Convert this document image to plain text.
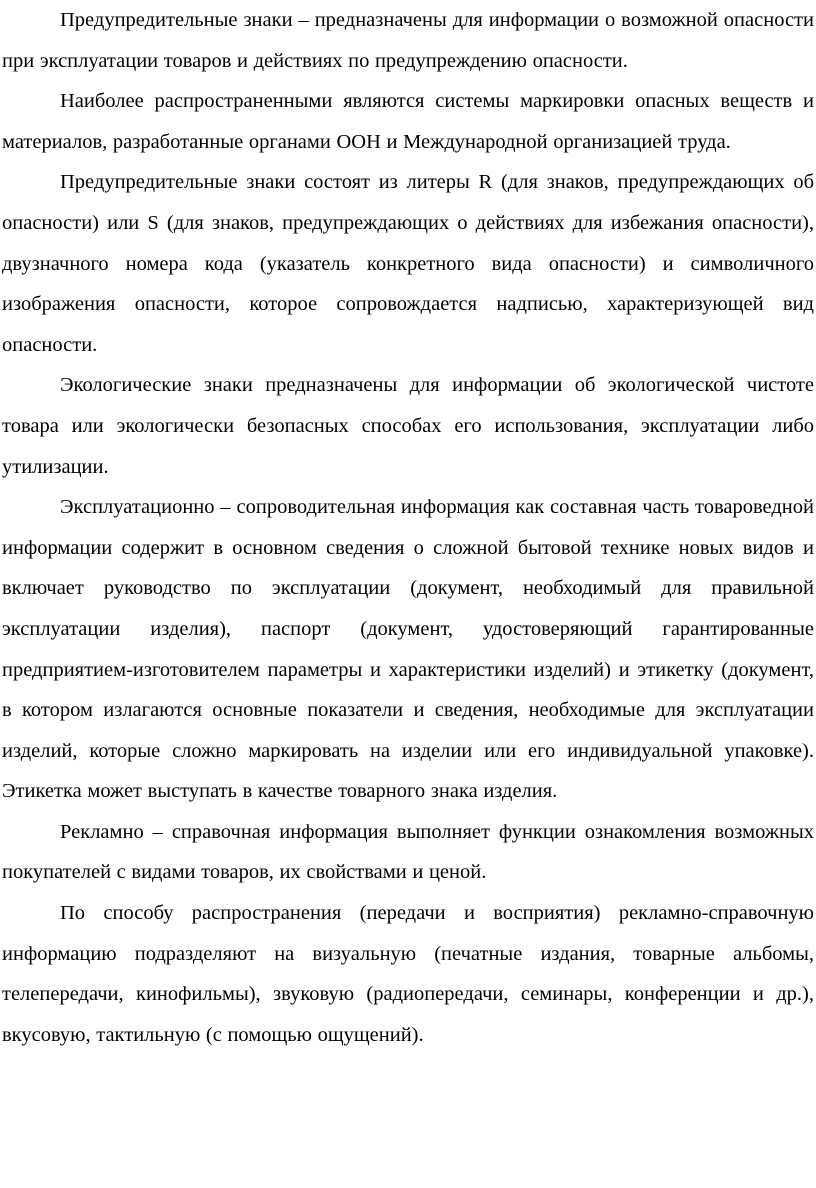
Предупредительные знаки – предназначены для информации о возможной опасности при эксплуатации товаров и действиях по предупреждению опасности.

Наиболее распространенными являются системы маркировки опасных веществ и материалов, разработанные органами ООН и Международной организацией труда.

Предупредительные знаки состоят из литеры R (для знаков, предупреждающих об опасности) или S (для знаков, предупреждающих о действиях для избежания опасности), двузначного номера кода (указатель конкретного вида опасности) и символичного изображения опасности, которое сопровождается надписью, характеризующей вид опасности.

Экологические знаки предназначены для информации об экологической чистоте товара или экологически безопасных способах его использования, эксплуатации либо утилизации.

Эксплуатационно – сопроводительная информация как составная часть товароведной информации содержит в основном сведения о сложной бытовой технике новых видов и включает руководство по эксплуатации (документ, необходимый для правильной эксплуатации изделия), паспорт (документ, удостоверяющий гарантированные предприятием-изготовителем параметры и характеристики изделий) и этикетку (документ, в котором излагаются основные показатели и сведения, необходимые для эксплуатации изделий, которые сложно маркировать на изделии или его индивидуальной упаковке). Этикетка может выступать в качестве товарного знака изделия.

Рекламно – справочная информация выполняет функции ознакомления возможных покупателей с видами товаров, их свойствами и ценой.

По способу распространения (передачи и восприятия) рекламно-справочную информацию подразделяют на визуальную (печатные издания, товарные альбомы, телепередачи, кинофильмы), звуковую (радиопередачи, семинары, конференции и др.), вкусовую, тактильную (с помощью ощущений).
